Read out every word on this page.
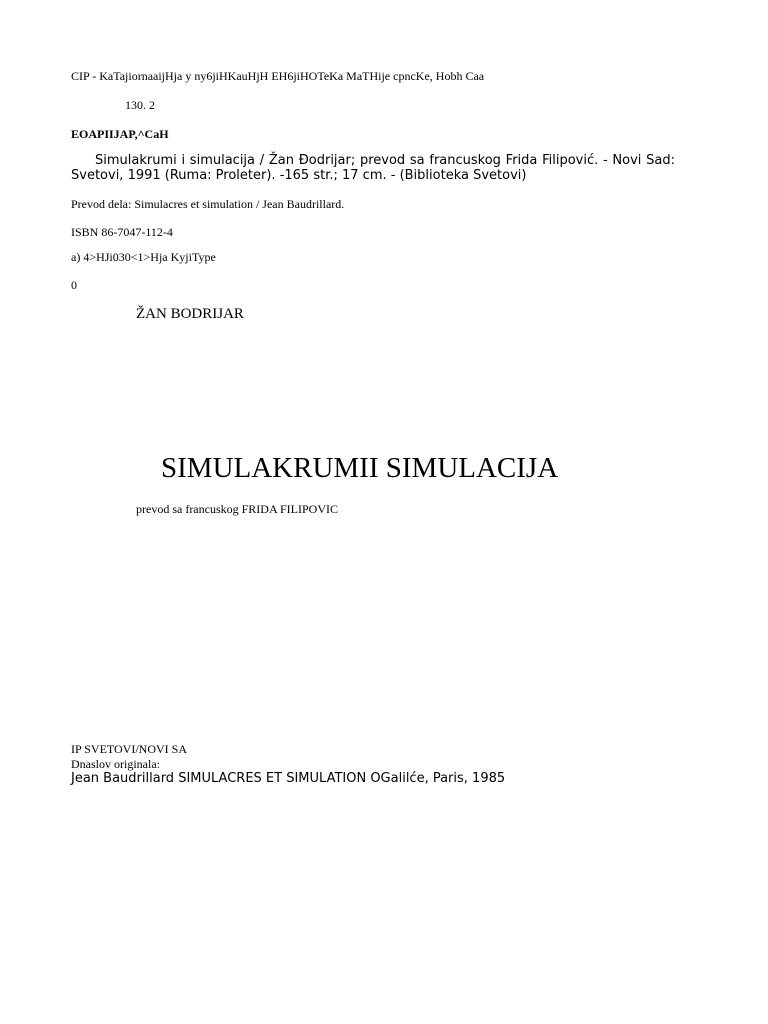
CIP - KaTajiornaaijHja y ny6jiHKauHjH EH6jiHOTeKa MaTHije cpncKe, Hobh Caa

130. 2

EOAPIIJAP,^CaH

Simulakrumi i simulacija / Žan Đodrijar; prevod sa francuskog Frida Filipović. - Novi Sad: Svetovi, 1991 (Ruma: Proleter). -165 str.; 17 cm. - (Biblioteka Svetovi)

Prevod dela: Simulacres et simulation / Jean Baudrillard.

ISBN 86-7047-112-4

a) 4>HJi030<1>Hja KyjiType

0

ŽAN BODRIJAR

SIMULAKRUMII SIMULACIJA

prevod sa francuskog FRIDA FILIPOVIC

IP SVETOVI/NOVI SA

Dnaslov originala:

Jean Baudrillard SIMULACRES ET SIMULATION OGalilće, Paris, 1985
